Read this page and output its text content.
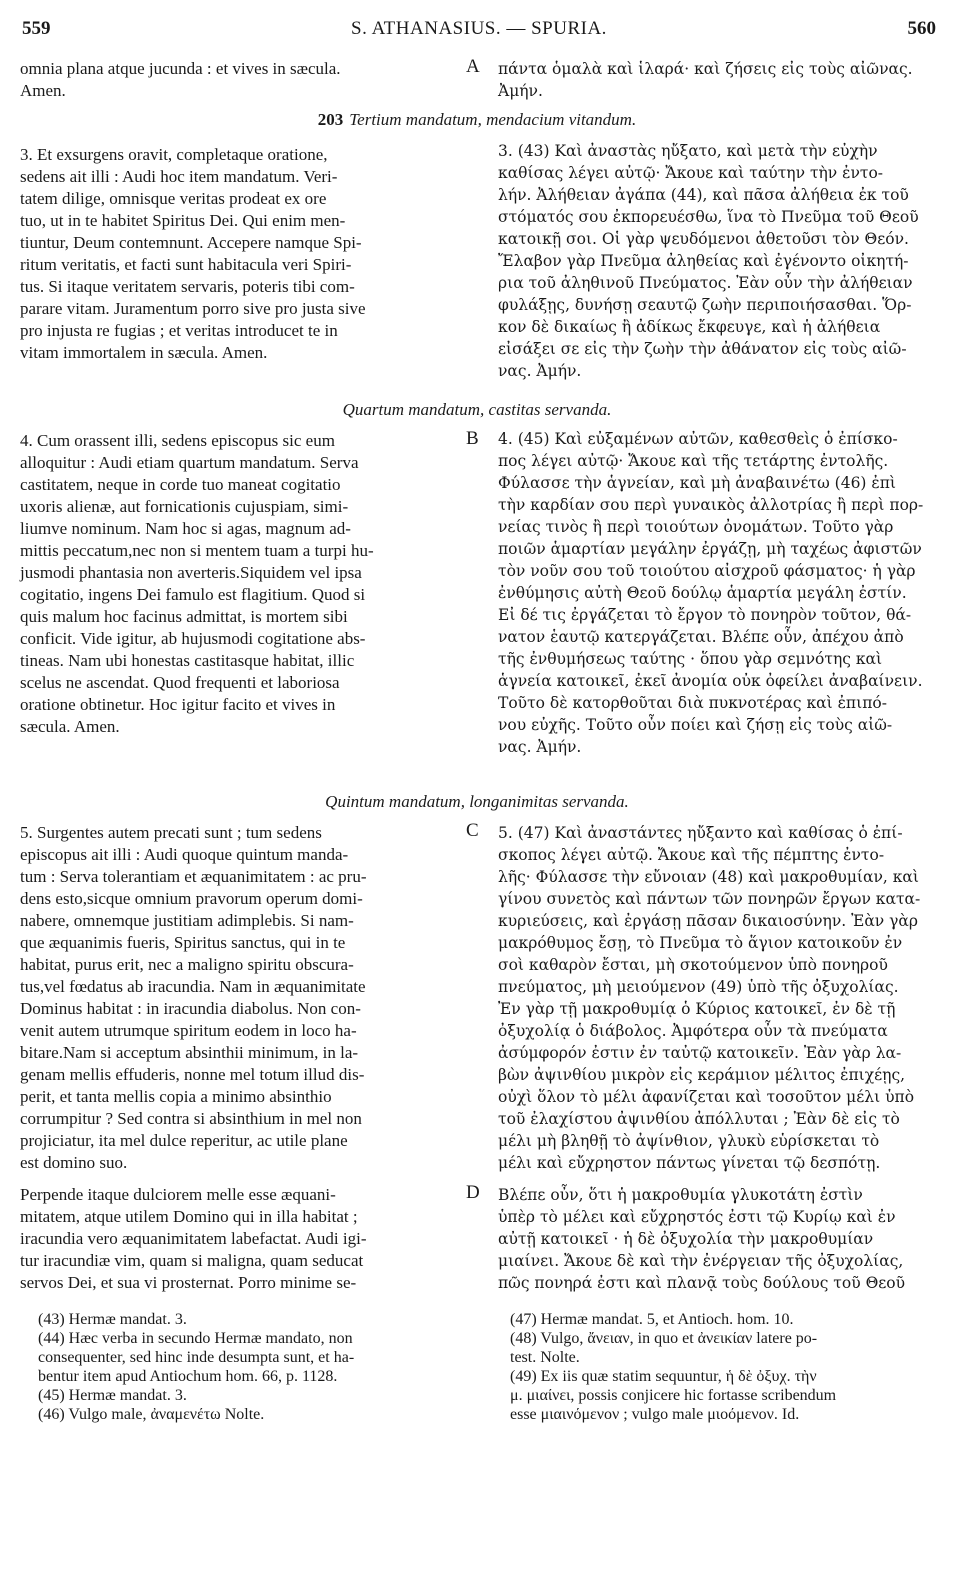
559	S. ATHANASIUS. — SPURIA.	560
omnia plana atque jucunda : et vives in sæcula.
Amen.
πάντα ὁμαλὰ καὶ ἱλαρά· καὶ ζήσεις εἰς τοὺς αἰῶνας.
Ἀμήν.
3. Et exsurgens oravit, completaque oratione,
sedens ait illi : Audi hoc item mandatum. Veri-
tatem dilige, omnisque veritas prodeat ex ore
tuo, ut in te habitet Spiritus Dei. Qui enim men-
tiuntur, Deum contemnunt. Accepere namque Spi-
ritum veritatis, et facti sunt habitacula veri Spiri-
tus. Si itaque veritatem servaris, poteris tibi com-
parare vitam. Juramentum porro sive pro justa sive
pro injusta re fugias ; et veritas introducet te in
vitam immortalem in sæcula. Amen.
3. (43) Καὶ ἀναστὰς ηὔξατο, καὶ μετὰ τὴν εὐχὴν
καθίσας λέγει αὐτῷ· Ἄκουε καὶ ταύτην τὴν ἐντο-
λήν. Ἀλήθειαν ἀγάπα (44), καὶ πᾶσα ἀλήθεια ἐκ τοῦ
στόματός σου ἐκπορευέσθω, ἵνα τὸ Πνεῦμα τοῦ Θεοῦ
κατοικῇ σοι. Οἱ γὰρ ψευδόμενοι ἀθετοῦσι τὸν Θεόν.
Ἔλαβον γὰρ Πνεῦμα ἀληθείας καὶ ἐγένοντο οἰκητή-
ρια τοῦ ἀληθινοῦ Πνεύματος. Ἐὰν οὖν τὴν ἀλήθειαν
φυλάξῃς, δυνήσῃ σεαυτῷ ζωὴν περιποιήσασθαι. Ὅρ-
κον δὲ δικαίως ἢ ἀδίκως ἔκφευγε, καὶ ἡ ἀλήθεια
εἰσάξει σε εἰς τὴν ζωὴν τὴν ἀθάνατον εἰς τοὺς αἰῶ-
νας. Ἀμήν.
4. Cum orassent illi, sedens episcopus sic eum
alloquitur : Audi etiam quartum mandatum. Serva
castitatem, neque in corde tuo maneat cogitatio
uxoris alienæ, aut fornicationis cujuspiam, simi-
liumve nominum. Nam hoc si agas, magnum ad-
mittis peccatum,nec non si mentem tuam a turpi hu-
jusmodi phantasia non averteris.Siquidem vel ipsa
cogitatio, ingens Dei famulo est flagitium. Quod si
quis malum hoc facinus admittat, is mortem sibi
conficit. Vide igitur, ab hujusmodi cogitatione abs-
tineas. Nam ubi honestas castitasque habitat, illic
scelus ne ascendat. Quod frequenti et laboriosa
oratione obtinetur. Hoc igitur facito et vives in
sæcula. Amen.
4. (45) Καὶ εὐξαμένων αὐτῶν, καθεσθεὶς ὁ ἐπίσκο-
πος λέγει αὐτῷ· Ἄκουε καὶ τῆς τετάρτης ἐντολῆς.
Φύλασσε τὴν ἁγνείαν, καὶ μὴ ἀναβαινέτω (46) ἐπὶ
τὴν καρδίαν σου περὶ γυναικὸς ἀλλοτρίας ἢ περὶ πορ-
νείας τινὸς ἢ περὶ τοιούτων ὀνομάτων. Τοῦτο γὰρ
ποιῶν ἁμαρτίαν μεγάλην ἐργάζῃ, μὴ ταχέως ἀφιστῶν
τὸν νοῦν σου τοῦ τοιούτου αἰσχροῦ φάσματος· ἡ γὰρ
ἐνθύμησις αὐτὴ Θεοῦ δούλῳ ἁμαρτία μεγάλη ἐστίν.
Εἰ δέ τις ἐργάζεται τὸ ἔργον τὸ πονηρὸν τοῦτον, θά-
νατον ἑαυτῷ κατεργάζεται. Βλέπε οὖν, ἀπέχου ἀπὸ
τῆς ἐνθυμήσεως ταύτης · ὅπου γὰρ σεμνότης καὶ
ἁγνεία κατοικεῖ, ἐκεῖ ἀνομία οὐκ ὀφείλει ἀναβαίνειν.
Τοῦτο δὲ κατορθοῦται διὰ πυκνοτέρας καὶ ἐπιπό-
νου εὐχῆς. Τοῦτο οὖν ποίει καὶ ζήσῃ εἰς τοὺς αἰῶ-
νας. Ἀμήν.
5. Surgentes autem precati sunt ; tum sedens
episcopus ait illi : Audi quoque quintum manda-
tum : Serva tolerantiam et æquanimitatem : ac pru-
dens esto,sicque omnium pravorum operum domi-
nabere, omnemque justitiam adimplebis. Si nam-
que æquanimis fueris, Spiritus sanctus, qui in te
habitat, purus erit, nec a maligno spiritu obscura-
tus,vel fœdatus ab iracundia. Nam in æquanimitate
Dominus habitat : in iracundia diabolus. Non con-
venit autem utrumque spiritum eodem in loco ha-
bitare.Nam si acceptum absinthii minimum, in la-
genam mellis effuderis, nonne mel totum illud dis-
perit, et tanta mellis copia a minimo absinthio
corrumpitur ? Sed contra si absinthium in mel non
projiciatur, ita mel dulce reperitur, ac utile plane
est domino suo.
Perpende itaque dulciorem melle esse æquani-
mitatem, atque utilem Domino qui in illa habitat ;
iracundia vero æquanimitatem labefactat. Audi igi-
tur iracundiæ vim, quam si maligna, quam seducat
servos Dei, et sua vi prosternat. Porro minime se-
5. (47) Καὶ ἀναστάντες ηὔξαντο καὶ καθίσας ὁ ἐπί-
σκοπος λέγει αὐτῷ. Ἄκουε καὶ τῆς πέμπτης ἐντο-
λῆς· Φύλασσε τὴν εὔνοιαν (48) καὶ μακροθυμίαν, καὶ
γίνου συνετὸς καὶ πάντων τῶν πονηρῶν ἔργων κατα-
κυριεύσεις, καὶ ἐργάσῃ πᾶσαν δικαιοσύνην. Ἐὰν γὰρ
μακρόθυμος ἔσῃ, τὸ Πνεῦμα τὸ ἅγιον κατοικοῦν ἐν
σοὶ καθαρὸν ἔσται, μὴ σκοτούμενον ὑπὸ πονηροῦ
πνεύματος, μὴ μειούμενον (49) ὑπὸ τῆς ὀξυχολίας.
Ἐν γὰρ τῇ μακροθυμίᾳ ὁ Κύριος κατοικεῖ, ἐν δὲ τῇ
ὀξυχολίᾳ ὁ διάβολος. Ἀμφότερα οὖν τὰ πνεύματα
ἀσύμφορόν ἐστιν ἐν ταὐτῷ κατοικεῖν. Ἐὰν γὰρ λα-
βὼν ἀψινθίου μικρὸν εἰς κεράμιον μέλιτος ἐπιχέῃς,
οὐχὶ ὅλον τὸ μέλι ἀφανίζεται καὶ τοσοῦτον μέλι ὑπὸ
τοῦ ἐλαχίστου ἀψινθίου ἀπόλλυται ; Ἐὰν δὲ εἰς τὸ
μέλι μὴ βληθῇ τὸ ἀψίνθιον, γλυκὺ εὑρίσκεται τὸ
μέλι καὶ εὔχρηστον πάντως γίνεται τῷ δεσπότῃ.
Βλέπε οὖν, ὅτι ἡ μακροθυμία γλυκοτάτη ἐστὶν
ὑπὲρ τὸ μέλει καὶ εὔχρηστός ἐστι τῷ Κυρίῳ καὶ ἐν
αὐτῇ κατοικεῖ · ἡ δὲ ὀξυχολία τὴν μακροθυμίαν
μιαίνει. Ἄκουε δὲ καὶ τὴν ἐνέργειαν τῆς ὀξυχολίας,
πῶς πονηρά ἐστι καὶ πλανᾷ τοὺς δούλους τοῦ Θεοῦ
203 Tertium mandatum, mendacium vitandum.
Quartum mandatum, castitas servanda.
Quintum mandatum, longanimitas servanda.
A
B
C
D
(43) Hermæ mandat. 3.
(44) Hæc verba in secundo Hermæ mandato, non
consequenter, sed hinc inde desumpta sunt, et ha-
bentur item apud Antiochum hom. 66, p. 1128.
(45) Hermæ mandat. 3.
(46) Vulgo male, ἀναμενέτω Nolte.
(47) Hermæ mandat. 5, et Antioch. hom. 10.
(48) Vulgo, ἄνειαν, in quo et ἀνεικίαν latere po-
test. Nolte.
(49) Ex iis quæ statim sequuntur, ἡ δὲ ὀξυχ. τὴν
μ. μιαίνει, possis conjicere hic fortasse scribendum
esse μιαινόμενον ; vulgo male μιοόμενον. Id.
